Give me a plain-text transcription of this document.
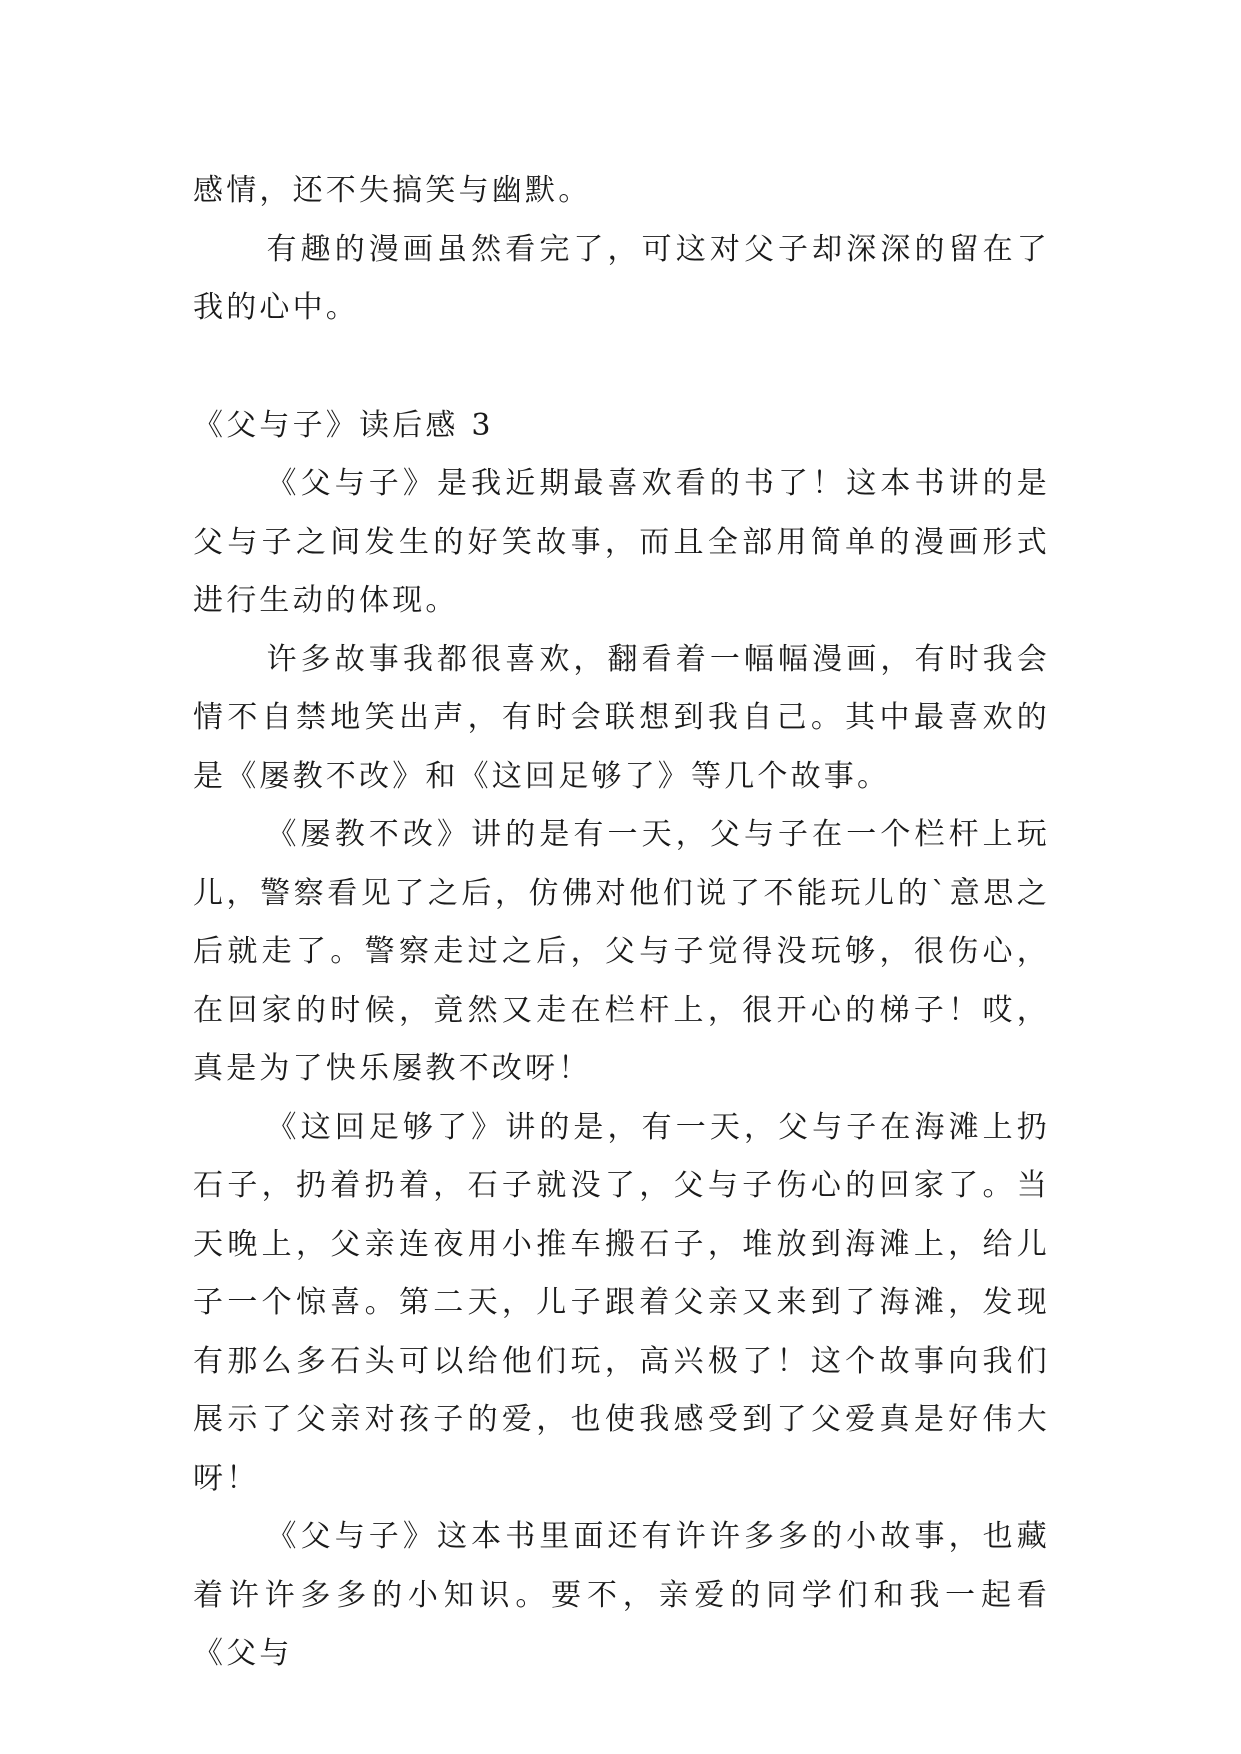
感情，还不失搞笑与幽默。

有趣的漫画虽然看完了，可这对父子却深深的留在了我的心中。

《父与子》读后感 3

《父与子》是我近期最喜欢看的书了！这本书讲的是父与子之间发生的好笑故事，而且全部用简单的漫画形式进行生动的体现。

许多故事我都很喜欢，翻看着一幅幅漫画，有时我会情不自禁地笑出声，有时会联想到我自己。其中最喜欢的是《屡教不改》和《这回足够了》等几个故事。

《屡教不改》讲的是有一天，父与子在一个栏杆上玩儿，警察看见了之后，仿佛对他们说了不能玩儿的`意思之后就走了。警察走过之后，父与子觉得没玩够，很伤心，在回家的时候，竟然又走在栏杆上，很开心的梯子！哎，真是为了快乐屡教不改呀！

《这回足够了》讲的是，有一天，父与子在海滩上扔石子，扔着扔着，石子就没了，父与子伤心的回家了。当天晚上，父亲连夜用小推车搬石子，堆放到海滩上，给儿子一个惊喜。第二天，儿子跟着父亲又来到了海滩，发现有那么多石头可以给他们玩，高兴极了！这个故事向我们展示了父亲对孩子的爱，也使我感受到了父爱真是好伟大呀！

《父与子》这本书里面还有许许多多的小故事，也藏着许许多多的小知识。要不，亲爱的同学们和我一起看《父与
